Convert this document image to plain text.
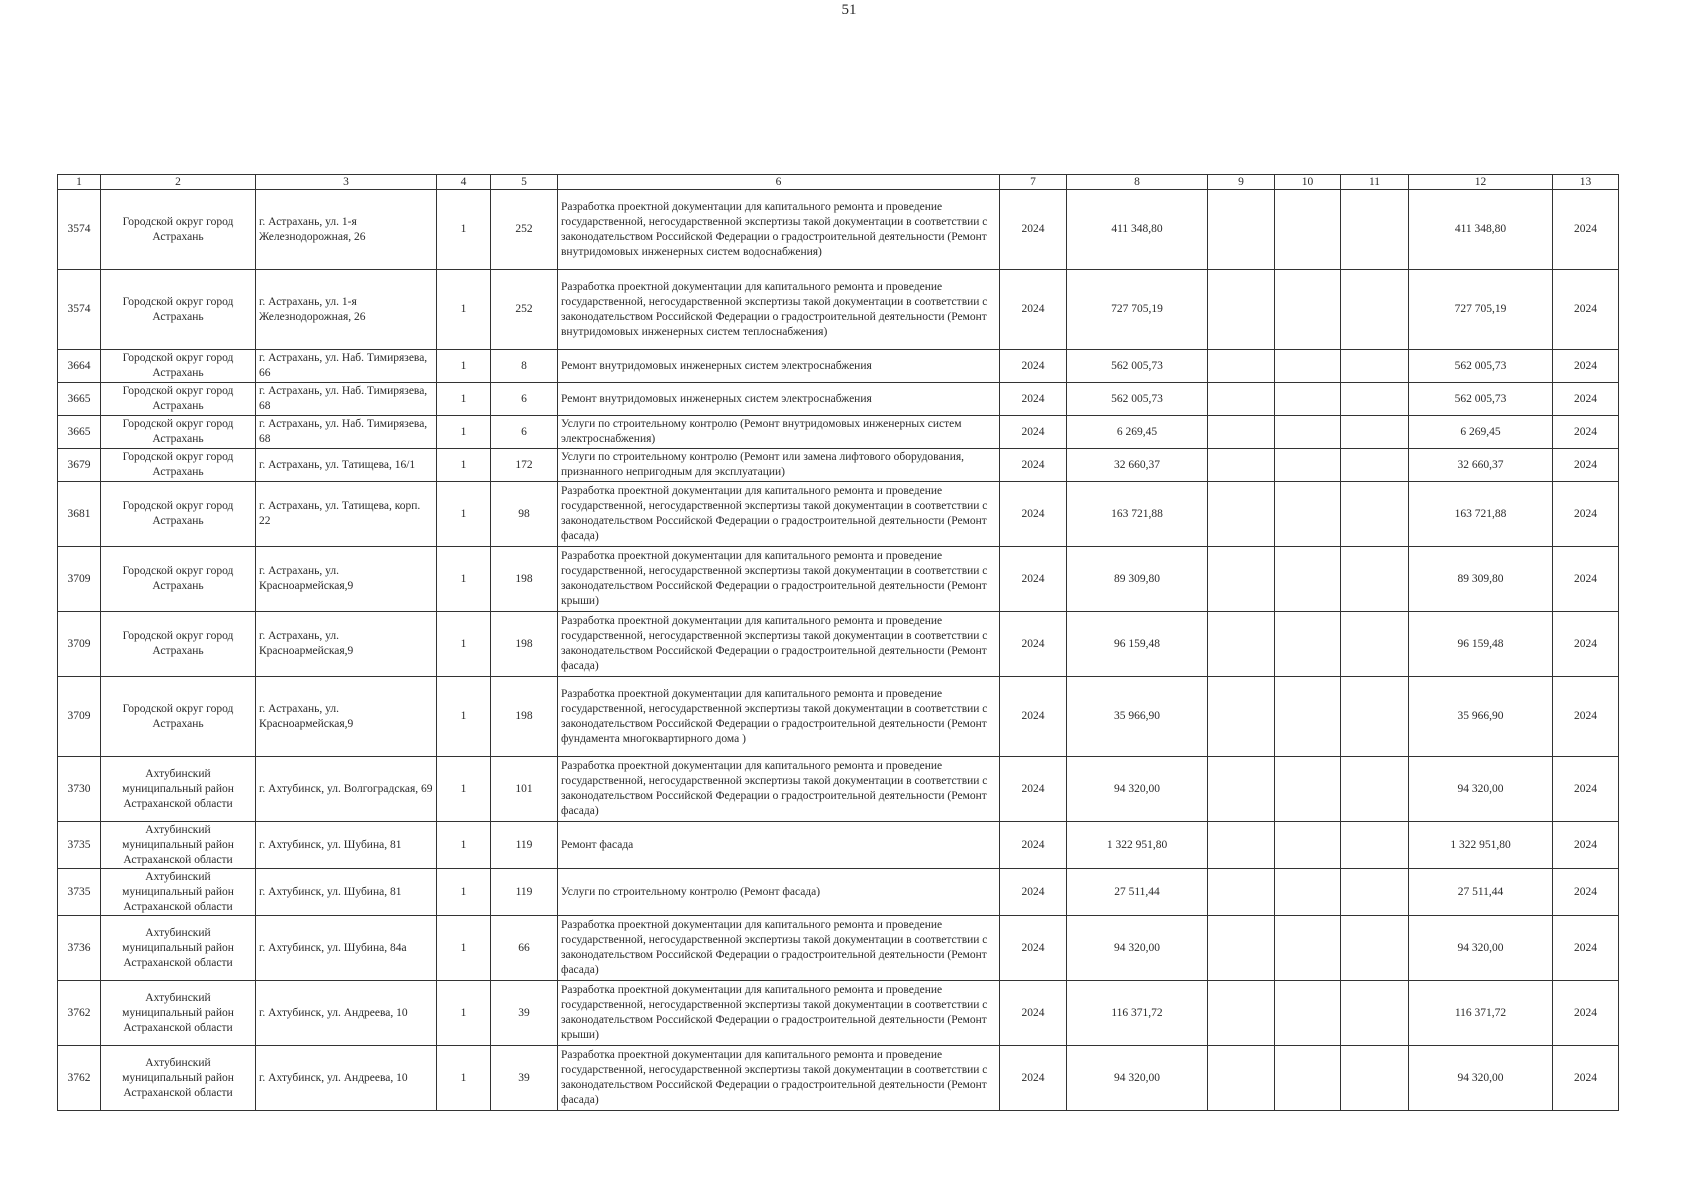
51
1	2	3	4	5	6	7	8	9	10	11	12	13
3574	Городской округ город Астрахань	г. Астрахань, ул. 1-я Железнодорожная, 26	1	252	Разработка проектной документации для капитального ремонта и проведение государственной, негосударственной экспертизы такой документации в соответствии с законодательством Российской Федерации о градостроительной деятельности (Ремонт внутридомовых инженерных систем водоснабжения)	2024	411 348,80				411 348,80	2024
3574	Городской округ город Астрахань	г. Астрахань, ул. 1-я Железнодорожная, 26	1	252	Разработка проектной документации для капитального ремонта и проведение государственной, негосударственной экспертизы такой документации в соответствии с законодательством Российской Федерации о градостроительной деятельности (Ремонт внутридомовых инженерных систем теплоснабжения)	2024	727 705,19				727 705,19	2024
3664	Городской округ город Астрахань	г. Астрахань, ул. Наб. Тимирязева, 66	1	8	Ремонт внутридомовых инженерных систем электроснабжения	2024	562 005,73				562 005,73	2024
3665	Городской округ город Астрахань	г. Астрахань, ул. Наб. Тимирязева, 68	1	6	Ремонт внутридомовых инженерных систем электроснабжения	2024	562 005,73				562 005,73	2024
3665	Городской округ город Астрахань	г. Астрахань, ул. Наб. Тимирязева, 68	1	6	Услуги по строительному контролю (Ремонт внутридомовых инженерных систем электроснабжения)	2024	6 269,45				6 269,45	2024
3679	Городской округ город Астрахань	г. Астрахань, ул. Татищева, 16/1	1	172	Услуги по строительному контролю (Ремонт или замена лифтового оборудования, признанного непригодным для эксплуатации)	2024	32 660,37				32 660,37	2024
3681	Городской округ город Астрахань	г. Астрахань, ул. Татищева, корп. 22	1	98	Разработка проектной документации для капитального ремонта и проведение государственной, негосударственной экспертизы такой документации в соответствии с законодательством Российской Федерации о градостроительной деятельности (Ремонт фасада)	2024	163 721,88				163 721,88	2024
3709	Городской округ город Астрахань	г. Астрахань, ул. Красноармейская,9	1	198	Разработка проектной документации для капитального ремонта и проведение государственной, негосударственной экспертизы такой документации в соответствии с законодательством Российской Федерации о градостроительной деятельности (Ремонт крыши)	2024	89 309,80				89 309,80	2024
3709	Городской округ город Астрахань	г. Астрахань, ул. Красноармейская,9	1	198	Разработка проектной документации для капитального ремонта и проведение государственной, негосударственной экспертизы такой документации в соответствии с законодательством Российской Федерации о градостроительной деятельности (Ремонт фасада)	2024	96 159,48				96 159,48	2024
3709	Городской округ город Астрахань	г. Астрахань, ул. Красноармейская,9	1	198	Разработка проектной документации для капитального ремонта и проведение государственной, негосударственной экспертизы такой документации в соответствии с законодательством Российской Федерации о градостроительной деятельности (Ремонт фундамента многоквартирного дома )	2024	35 966,90				35 966,90	2024
3730	Ахтубинский муниципальный район Астраханской области	г. Ахтубинск, ул. Волгоградская, 69	1	101	Разработка проектной документации для капитального ремонта и проведение государственной, негосударственной экспертизы такой документации в соответствии с законодательством Российской Федерации о градостроительной деятельности (Ремонт фасада)	2024	94 320,00				94 320,00	2024
3735	Ахтубинский муниципальный район Астраханской области	г. Ахтубинск, ул. Шубина, 81	1	119	Ремонт фасада	2024	1 322 951,80				1 322 951,80	2024
3735	Ахтубинский муниципальный район Астраханской области	г. Ахтубинск, ул. Шубина, 81	1	119	Услуги по строительному контролю (Ремонт фасада)	2024	27 511,44				27 511,44	2024
3736	Ахтубинский муниципальный район Астраханской области	г. Ахтубинск, ул. Шубина, 84а	1	66	Разработка проектной документации для капитального ремонта и проведение государственной, негосударственной экспертизы такой документации в соответствии с законодательством Российской Федерации о градостроительной деятельности (Ремонт фасада)	2024	94 320,00				94 320,00	2024
3762	Ахтубинский муниципальный район Астраханской области	г. Ахтубинск, ул. Андреева, 10	1	39	Разработка проектной документации для капитального ремонта и проведение государственной, негосударственной экспертизы такой документации в соответствии с законодательством Российской Федерации о градостроительной деятельности (Ремонт крыши)	2024	116 371,72				116 371,72	2024
3762	Ахтубинский муниципальный район Астраханской области	г. Ахтубинск, ул. Андреева, 10	1	39	Разработка проектной документации для капитального ремонта и проведение государственной, негосударственной экспертизы такой документации в соответствии с законодательством Российской Федерации о градостроительной деятельности (Ремонт фасада)	2024	94 320,00				94 320,00	2024
